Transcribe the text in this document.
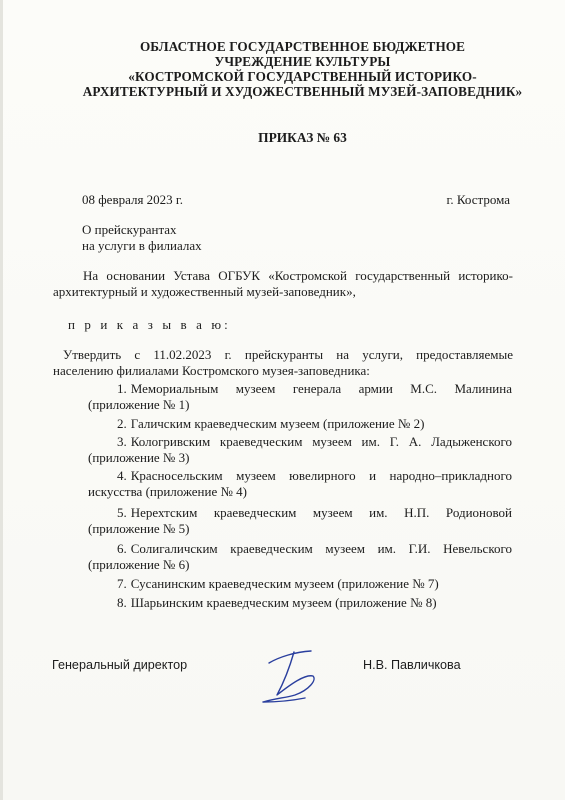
ОБЛАСТНОЕ ГОСУДАРСТВЕННОЕ БЮДЖЕТНОЕ
УЧРЕЖДЕНИЕ КУЛЬТУРЫ
«КОСТРОМСКОЙ ГОСУДАРСТВЕННЫЙ ИСТОРИКО-
АРХИТЕКТУРНЫЙ И ХУДОЖЕСТВЕННЫЙ МУЗЕЙ-ЗАПОВЕДНИК»
ПРИКАЗ № 63
08 февраля 2023 г.	г. Кострома
О прейскурантах
на услуги в филиалах
На основании Устава ОГБУК «Костромской государственный историко-
архитектурный и художественный музей-заповедник»,
п р и к а з ы в а ю:
Утвердить с 11.02.2023 г. прейскуранты на услуги, предоставляемые
населению филиалами Костромского музея-заповедника:
1. Мемориальным музеем генерала армии М.С. Малинина
(приложение № 1)
2. Галичским краеведческим музеем (приложение № 2)
3. Кологривским краеведческим музеем им. Г. А. Ладыженского
(приложение № 3)
4. Красносельским музеем ювелирного и народно–прикладного
искусства (приложение № 4)
5. Нерехтским краеведческим музеем им. Н.П. Родионовой
(приложение № 5)
6. Солигаличским краеведческим музеем им. Г.И. Невельского
(приложение № 6)
7. Сусанинским краеведческим музеем (приложение № 7)
8. Шарьинским краеведческим музеем (приложение № 8)
Генеральный директор	Н.В. Павличкова
